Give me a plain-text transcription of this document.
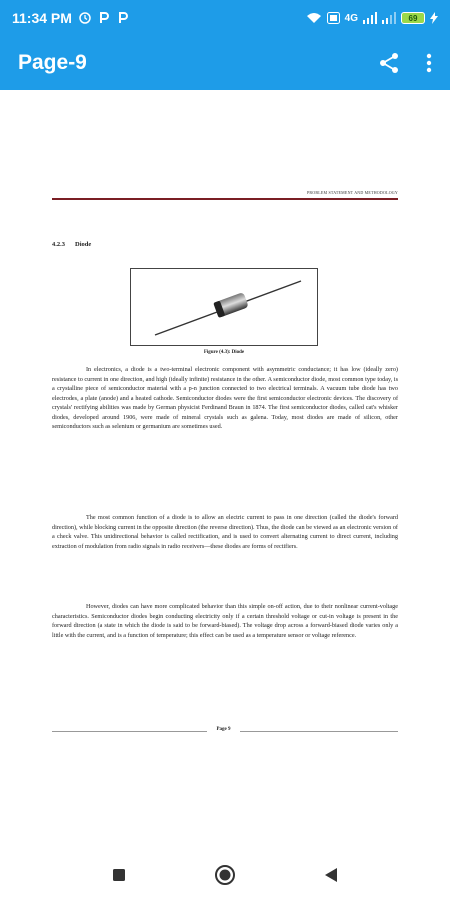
11:34 PM	4G	69
Page-9
PROBLEM STATEMENT AND METHODOLOGY
4.2.3 Diode
Figure (4.3): Diode
In electronics, a diode is a two-terminal electronic component with asymmetric conductance; it has low (ideally zero) resistance to current in one direction, and high (ideally infinite) resistance in the other. A semiconductor diode, most common type today, is a crystalline piece of semiconductor material with a p-n junction connected to two electrical terminals. A vacuum tube diode has two electrodes, a plate (anode) and a heated cathode. Semiconductor diodes were the first semiconductor electronic devices. The discovery of crystals' rectifying abilities was made by German physicist Ferdinand Braun in 1874. The first semiconductor diodes, called cat's whisker diodes, developed around 1906, were made of mineral crystals such as galena. Today, most diodes are made of silicon, other semiconductors such as selenium or germanium are sometimes used.
The most common function of a diode is to allow an electric current to pass in one direction (called the diode's forward direction), while blocking current in the opposite direction (the reverse direction). Thus, the diode can be viewed as an electronic version of a check valve. This unidirectional behavior is called rectification, and is used to convert alternating current to direct current, including extraction of modulation from radio signals in radio receivers—these diodes are forms of rectifiers.
However, diodes can have more complicated behavior than this simple on-off action, due to their nonlinear current-voltage characteristics. Semiconductor diodes begin conducting electricity only if a certain threshold voltage or cut-in voltage is present in the forward direction (a state in which the diode is said to be forward-biased). The voltage drop across a forward-biased diode varies only a little with the current, and is a function of temperature; this effect can be used as a temperature sensor or voltage reference.
Page 9
